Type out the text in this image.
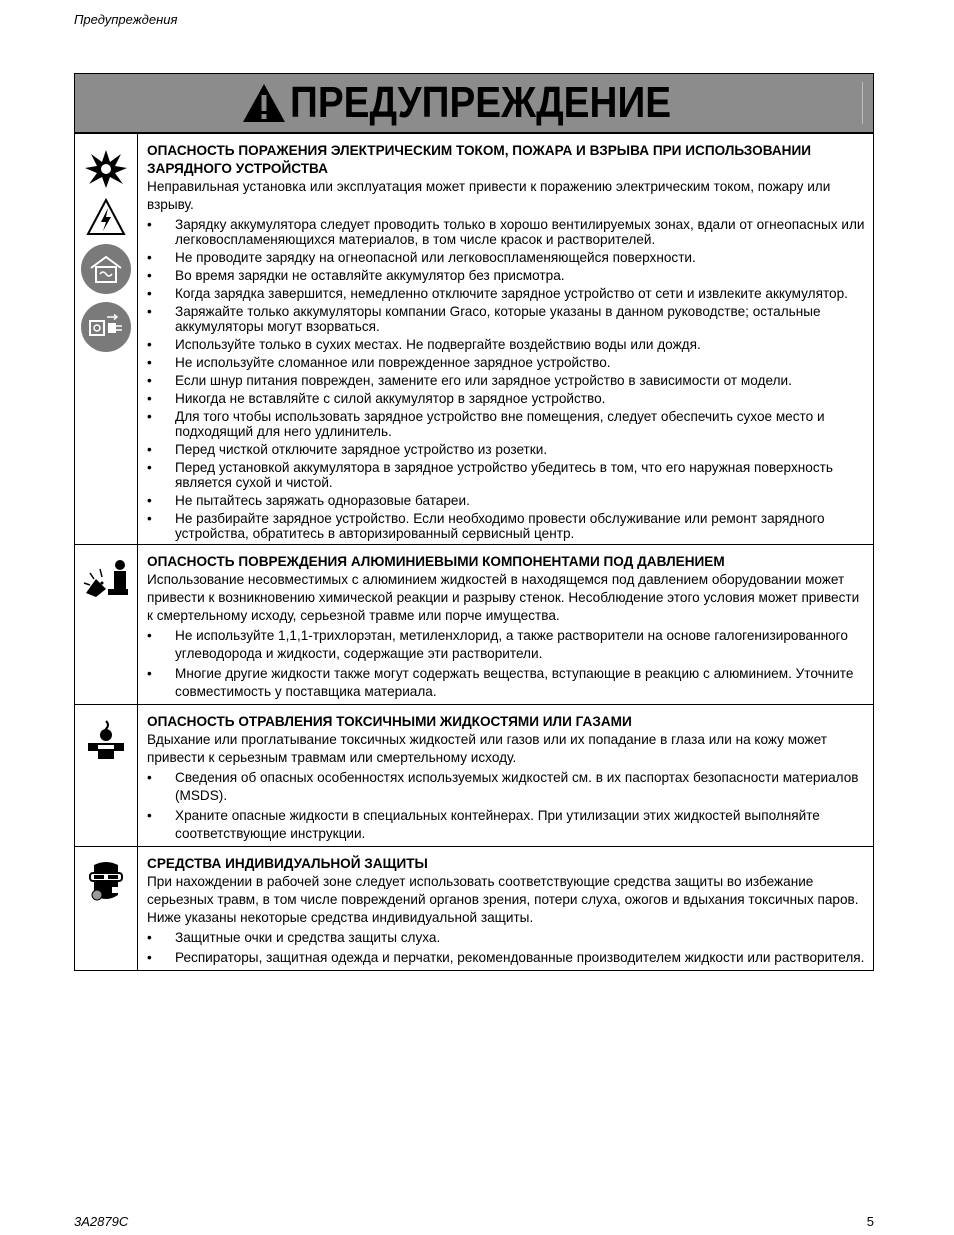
Предупреждения
ПРЕДУПРЕЖДЕНИЕ
ОПАСНОСТЬ ПОРАЖЕНИЯ ЭЛЕКТРИЧЕСКИМ ТОКОМ, ПОЖАРА И ВЗРЫВА ПРИ ИСПОЛЬЗОВАНИИ ЗАРЯДНОГО УСТРОЙСТВА
Неправильная установка или эксплуатация может привести к поражению электрическим током, пожару или взрыву.
• Зарядку аккумулятора следует проводить только в хорошо вентилируемых зонах, вдали от огнеопасных или легковоспламеняющихся материалов, в том числе красок и растворителей.
• Не проводите зарядку на огнеопасной или легковоспламеняющейся поверхности.
• Во время зарядки не оставляйте аккумулятор без присмотра.
• Когда зарядка завершится, немедленно отключите зарядное устройство от сети и извлеките аккумулятор.
• Заряжайте только аккумуляторы компании Graco, которые указаны в данном руководстве; остальные аккумуляторы могут взорваться.
• Используйте только в сухих местах. Не подвергайте воздействию воды или дождя.
• Не используйте сломанное или поврежденное зарядное устройство.
• Если шнур питания поврежден, замените его или зарядное устройство в зависимости от модели.
• Никогда не вставляйте с силой аккумулятор в зарядное устройство.
• Для того чтобы использовать зарядное устройство вне помещения, следует обеспечить сухое место и подходящий для него удлинитель.
• Перед чисткой отключите зарядное устройство из розетки.
• Перед установкой аккумулятора в зарядное устройство убедитесь в том, что его наружная поверхность является сухой и чистой.
• Не пытайтесь заряжать одноразовые батареи.
• Не разбирайте зарядное устройство. Если необходимо провести обслуживание или ремонт зарядного устройства, обратитесь в авторизированный сервисный центр.
ОПАСНОСТЬ ПОВРЕЖДЕНИЯ АЛЮМИНИЕВЫМИ КОМПОНЕНТАМИ ПОД ДАВЛЕНИЕМ
Использование несовместимых с алюминием жидкостей в находящемся под давлением оборудовании может привести к возникновению химической реакции и разрыву стенок. Несоблюдение этого условия может привести к смертельному исходу, серьезной травме или порче имущества.
• Не используйте 1,1,1-трихлорэтан, метиленхлорид, а также растворители на основе галогенизированного углеводорода и жидкости, содержащие эти растворители.
• Многие другие жидкости также могут содержать вещества, вступающие в реакцию с алюминием. Уточните совместимость у поставщика материала.
ОПАСНОСТЬ ОТРАВЛЕНИЯ ТОКСИЧНЫМИ ЖИДКОСТЯМИ ИЛИ ГАЗАМИ
Вдыхание или проглатывание токсичных жидкостей или газов или их попадание в глаза или на кожу может привести к серьезным травмам или смертельному исходу.
• Сведения об опасных особенностях используемых жидкостей см. в их паспортах безопасности материалов (MSDS).
• Храните опасные жидкости в специальных контейнерах. При утилизации этих жидкостей выполняйте соответствующие инструкции.
СРЕДСТВА ИНДИВИДУАЛЬНОЙ ЗАЩИТЫ
При нахождении в рабочей зоне следует использовать соответствующие средства защиты во избежание серьезных травм, в том числе повреждений органов зрения, потери слуха, ожогов и вдыхания токсичных паров. Ниже указаны некоторые средства индивидуальной защиты.
• Защитные очки и средства защиты слуха.
• Респираторы, защитная одежда и перчатки, рекомендованные производителем жидкости или растворителя.
3A2879C	5
